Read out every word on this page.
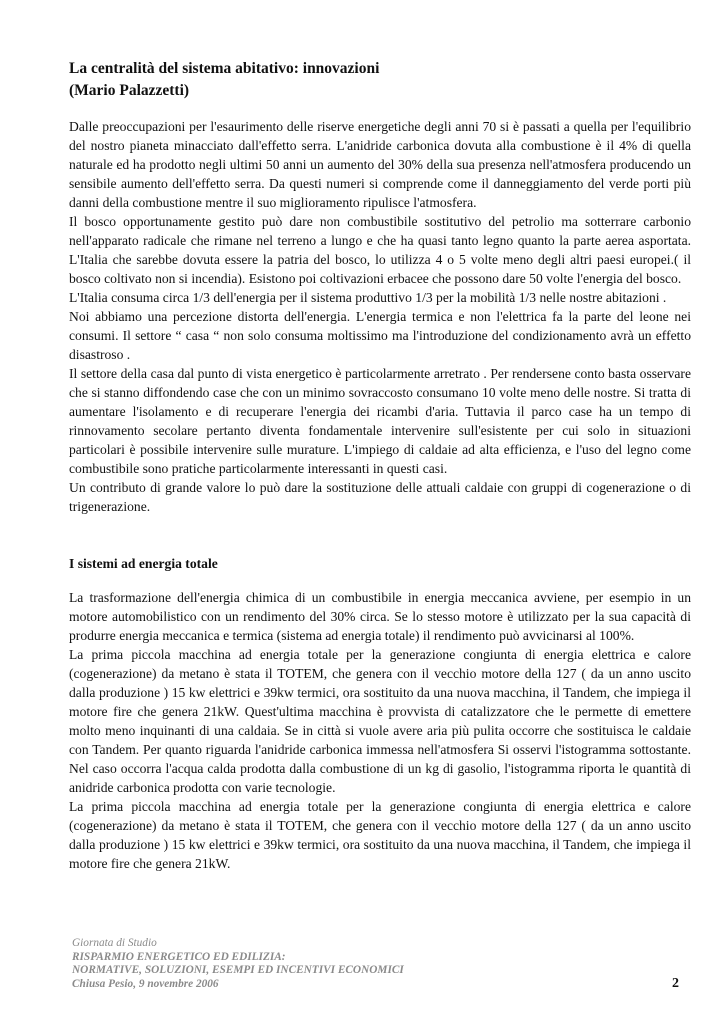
La centralità del sistema abitativo: innovazioni
(Mario Palazzetti)

Dalle preoccupazioni per l'esaurimento delle riserve energetiche degli anni 70 si è passati a quella per l'equilibrio del nostro pianeta minacciato dall'effetto serra. L'anidride carbonica dovuta alla combustione è il 4% di quella naturale ed ha prodotto negli ultimi 50 anni un aumento del 30% della sua presenza nell'atmosfera producendo un sensibile aumento dell'effetto serra. Da questi numeri si comprende come il danneggiamento del verde porti più danni della combustione mentre il suo miglioramento ripulisce l'atmosfera.

Il bosco opportunamente gestito può dare non combustibile sostitutivo del petrolio ma sotterrare carbonio nell'apparato radicale che rimane nel terreno a lungo e che ha quasi tanto legno quanto la parte aerea asportata. L'Italia che sarebbe dovuta essere la patria del bosco, lo utilizza 4 o 5 volte meno degli altri paesi europei.( il bosco coltivato non si incendia). Esistono poi coltivazioni erbacee che possono dare 50 volte l'energia del bosco.

L'Italia consuma circa 1/3 dell'energia per il sistema produttivo 1/3 per la mobilità 1/3 nelle nostre abitazioni .

Noi abbiamo una percezione distorta dell'energia. L'energia termica e non l'elettrica fa la parte del leone nei consumi. Il settore “ casa “ non solo consuma moltissimo ma l'introduzione del condizionamento avrà un effetto disastroso .

Il settore della casa dal punto di vista energetico è particolarmente arretrato . Per rendersene conto basta osservare che si stanno diffondendo case che con un minimo sovraccosto consumano 10 volte meno delle nostre. Si tratta di aumentare l'isolamento e di recuperare l'energia dei ricambi d'aria. Tuttavia il parco case ha un tempo di rinnovamento secolare pertanto diventa fondamentale intervenire sull'esistente per cui solo in situazioni particolari è possibile intervenire sulle murature. L'impiego di caldaie ad alta efficienza, e l'uso del legno come combustibile sono pratiche particolarmente interessanti in questi casi.

Un contributo di grande valore lo può dare la sostituzione delle attuali caldaie con gruppi di cogenerazione o di trigenerazione.

I sistemi ad energia totale

La trasformazione dell'energia chimica di un combustibile in energia meccanica avviene, per esempio in un motore automobilistico con un rendimento del 30% circa. Se lo stesso motore è utilizzato per la sua capacità di produrre energia meccanica e termica (sistema ad energia totale) il rendimento può avvicinarsi al 100%.

La prima piccola macchina ad energia totale per la generazione congiunta di energia elettrica e calore (cogenerazione) da metano è stata il TOTEM, che genera con il vecchio motore della 127 ( da un anno uscito dalla produzione ) 15 kw elettrici e 39kw termici, ora sostituito da una nuova macchina, il Tandem, che impiega il motore fire che genera 21kW. Quest'ultima macchina è provvista di catalizzatore che le permette di emettere molto meno inquinanti di una caldaia. Se in città si vuole avere aria più pulita occorre che sostituisca le caldaie con Tandem. Per quanto riguarda l'anidride carbonica immessa nell'atmosfera Si osservi l'istogramma sottostante. Nel caso occorra l'acqua calda prodotta dalla combustione di un kg di gasolio, l'istogramma riporta le quantità di anidride carbonica prodotta con varie tecnologie.

La prima piccola macchina ad energia totale per la generazione congiunta di energia elettrica e calore (cogenerazione) da metano è stata il TOTEM, che genera con il vecchio motore della 127 ( da un anno uscito dalla produzione ) 15 kw elettrici e 39kw termici, ora sostituito da una nuova macchina, il Tandem, che impiega il motore fire che genera 21kW.

Giornata di Studio
RISPARMIO ENERGETICO ED EDILIZIA:
NORMATIVE, SOLUZIONI, ESEMPI ED INCENTIVI ECONOMICI
Chiusa Pesio, 9 novembre 2006	2
